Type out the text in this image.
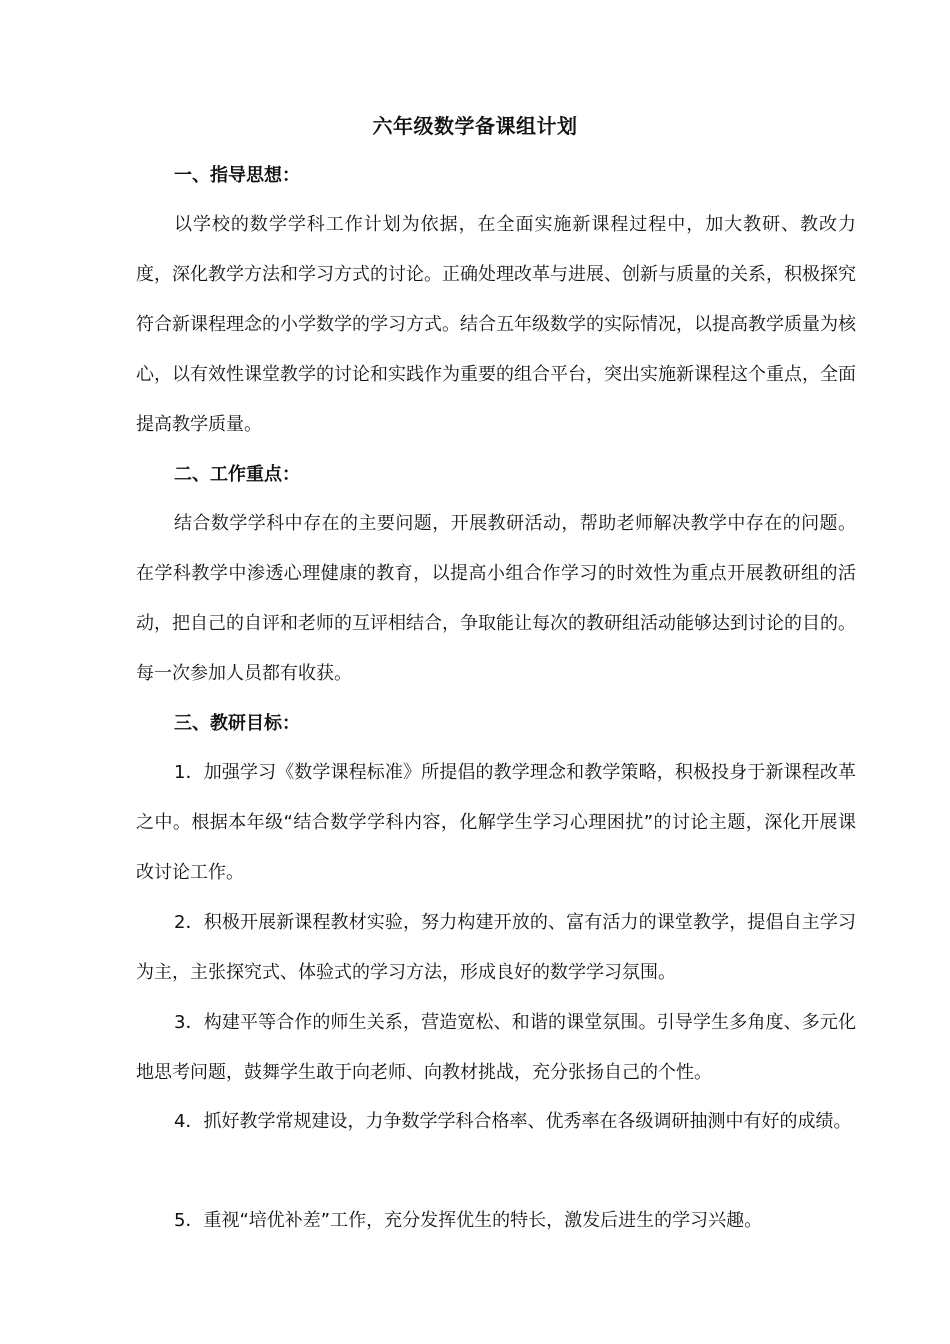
六年级数学备课组计划
一、指导思想：
以学校的数学学科工作计划为依据，在全面实施新课程过程中，加大教研、教改力度，深化教学方法和学习方式的讨论。正确处理改革与进展、创新与质量的关系，积极探究符合新课程理念的小学数学的学习方式。结合五年级数学的实际情况，以提高教学质量为核心，以有效性课堂教学的讨论和实践作为重要的组合平台，突出实施新课程这个重点，全面提高教学质量。
二、工作重点：
结合数学学科中存在的主要问题，开展教研活动，帮助老师解决教学中存在的问题。在学科教学中渗透心理健康的教育，以提高小组合作学习的时效性为重点开展教研组的活动，把自己的自评和老师的互评相结合，争取能让每次的教研组活动能够达到讨论的目的。每一次参加人员都有收获。
三、教研目标：
1．加强学习《数学课程标准》所提倡的教学理念和教学策略，积极投身于新课程改革之中。根据本年级“结合数学学科内容，化解学生学习心理困扰”的讨论主题，深化开展课改讨论工作。
2．积极开展新课程教材实验，努力构建开放的、富有活力的课堂教学，提倡自主学习为主，主张探究式、体验式的学习方法，形成良好的数学学习氛围。
3．构建平等合作的师生关系，营造宽松、和谐的课堂氛围。引导学生多角度、多元化地思考问题，鼓舞学生敢于向老师、向教材挑战，充分张扬自己的个性。
4．抓好教学常规建设，力争数学学科合格率、优秀率在各级调研抽测中有好的成绩。
5．重视“培优补差”工作，充分发挥优生的特长，激发后进生的学习兴趣。
